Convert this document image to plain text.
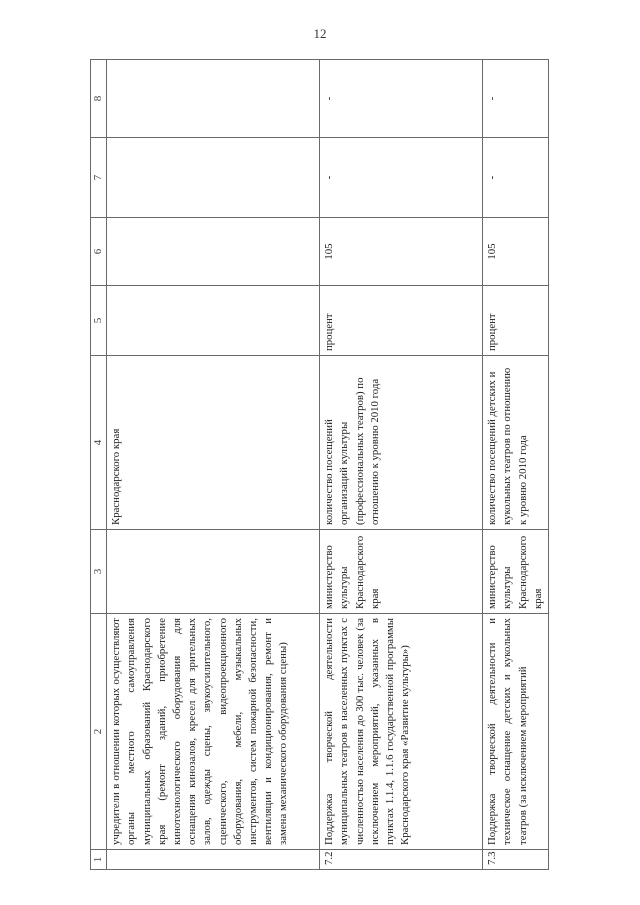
12
1	2	3	4	5	6	7	8
	учредители в отношении которых осуществляют органы местного самоуправления муниципальных образований Краснодарского края (ремонт зданий, приобретение кинотехнологического оборудования для оснащения кинозалов, кресел для зрительных залов, одежды сцены, звукоусилительного, сценического, видеопроекционного оборудования, мебели, музыкальных инструментов, систем пожарной безопасности, вентиляции и кондиционирования, ремонт и замена механического оборудования сцены)		Краснодарского края				
7.2	Поддержка творческой деятельности муниципальных театров в населенных пунктах с численностью населения до 300 тыс. человек (за исключением мероприятий, указанных в пунктах 1.1.4, 1.1.6 государственной программы Краснодарского края «Развитие культуры»)	министерство культуры Краснодарского края	количество посещений организаций культуры (профессиональных театров) по отношению к уровню 2010 года	процент	105	-	-
7.3	Поддержка творческой деятельности и техническое оснащение детских и кукольных театров (за исключением мероприятий	министерство культуры Краснодарского края	количество посещений детских и кукольных театров по отношению к уровню 2010 года	процент	105	-	-
